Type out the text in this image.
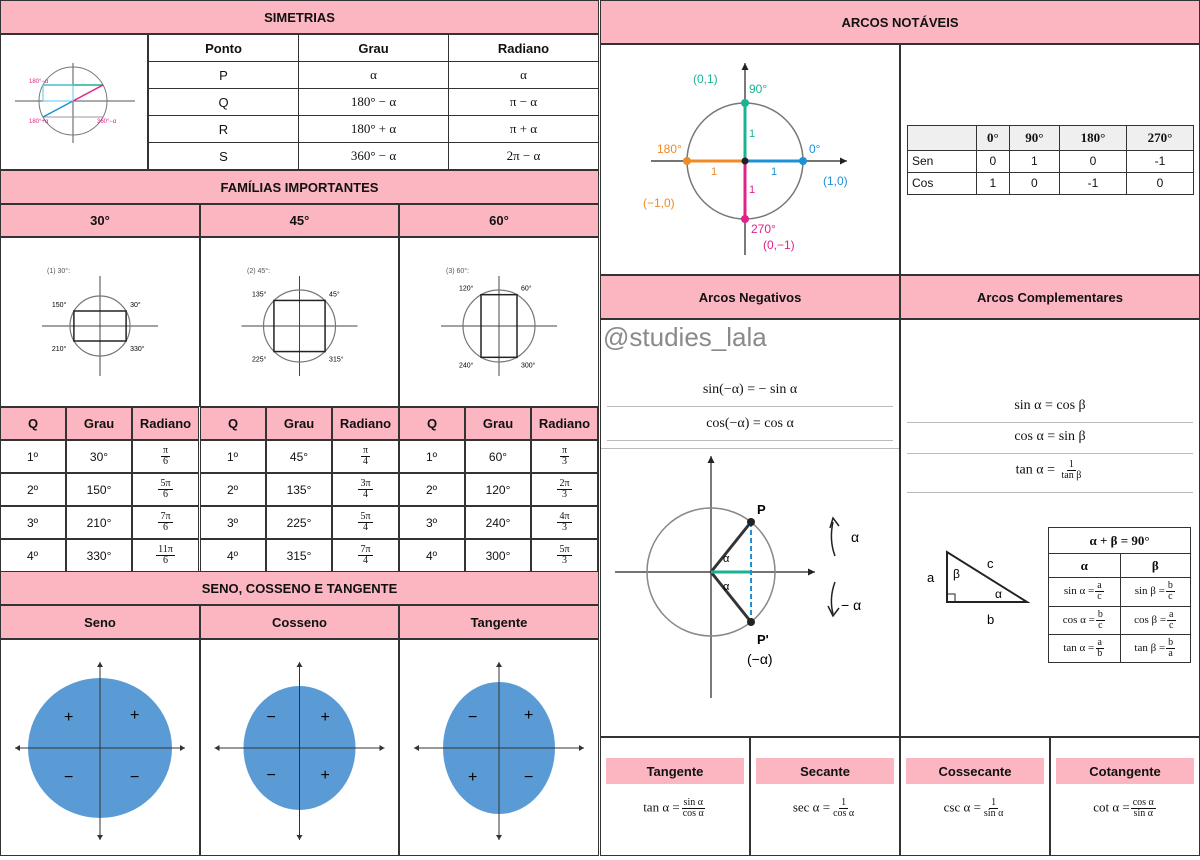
SIMETRIAS
180°−α
180°+α	360°−α
Ponto	Grau	Radiano
P	α	α
Q	180° − α	π − α
R	180° + α	π + α
S	360° − α	2π − α
FAMÍLIAS IMPORTANTES
30°
(1) 30°:
150°	30°
210°	330°
Q	Grau	Radiano
1º	30°	$\frac{\pi}{6}$
2º	150°	$\frac{5\pi}{6}$
3º	210°	$\frac{7\pi}{6}$
4º	330°	$\frac{11\pi}{6}$
45°
(2) 45°:
135°	45°
225°	315°
Q	Grau	Radiano
1º	45°	$\frac{\pi}{4}$
2º	135°	$\frac{3\pi}{4}$
3º	225°	$\frac{5\pi}{4}$
4º	315°	$\frac{7\pi}{4}$
60°
(3) 60°:
120°	60°
240°	300°
Q	Grau	Radiano
1º	60°	$\frac{\pi}{3}$
2º	120°	$\frac{2\pi}{3}$
3º	240°	$\frac{4\pi}{3}$
4º	300°	$\frac{5\pi}{3}$
SENO, COSSENO E TANGENTE
Seno
+	+
−	−
Cosseno
−	+
−	+
Tangente
−	+
+	−
ARCOS NOTÁVEIS
(0,1)
90°
1
0°
(1,0)
1
180°
(−1,0)
1
270°
(0,−1)
1
	0°	90°	180°	270°
Sen	0	1	0	-1
Cos	1	0	-1	0
Arcos Negativos	Arcos Complementares
@studies_lala
sin(−α) = − sin α
cos(−α) = cos α
P
P'
α
α
α
− α
(−α)
sin α = cos β
cos α = sin β
$\tan \alpha = \frac{1}{\text{tan β}}$
a
b
c
β
α
α + β = 90°	
α	β
$\sin \alpha = \frac{a}{c}$	$\sin \beta = \frac{b}{c}$

$\cos \alpha = \frac{b}{c}$	$\cos \beta = \frac{a}{c}$

$\tan \alpha = \frac{a}{b}$	$\tan \beta = \frac{b}{a}$
Tangente
$\tan \alpha = \frac{\text{sin α}}{\text{cos α}}$
Secante
$\sec \alpha = \frac{1}{\text{cos α}}$
Cossecante
$\csc \alpha = \frac{1}{\text{sin α}}$
Cotangente
$\cot \alpha = \frac{\text{cos α}}{\text{sin α}}$
